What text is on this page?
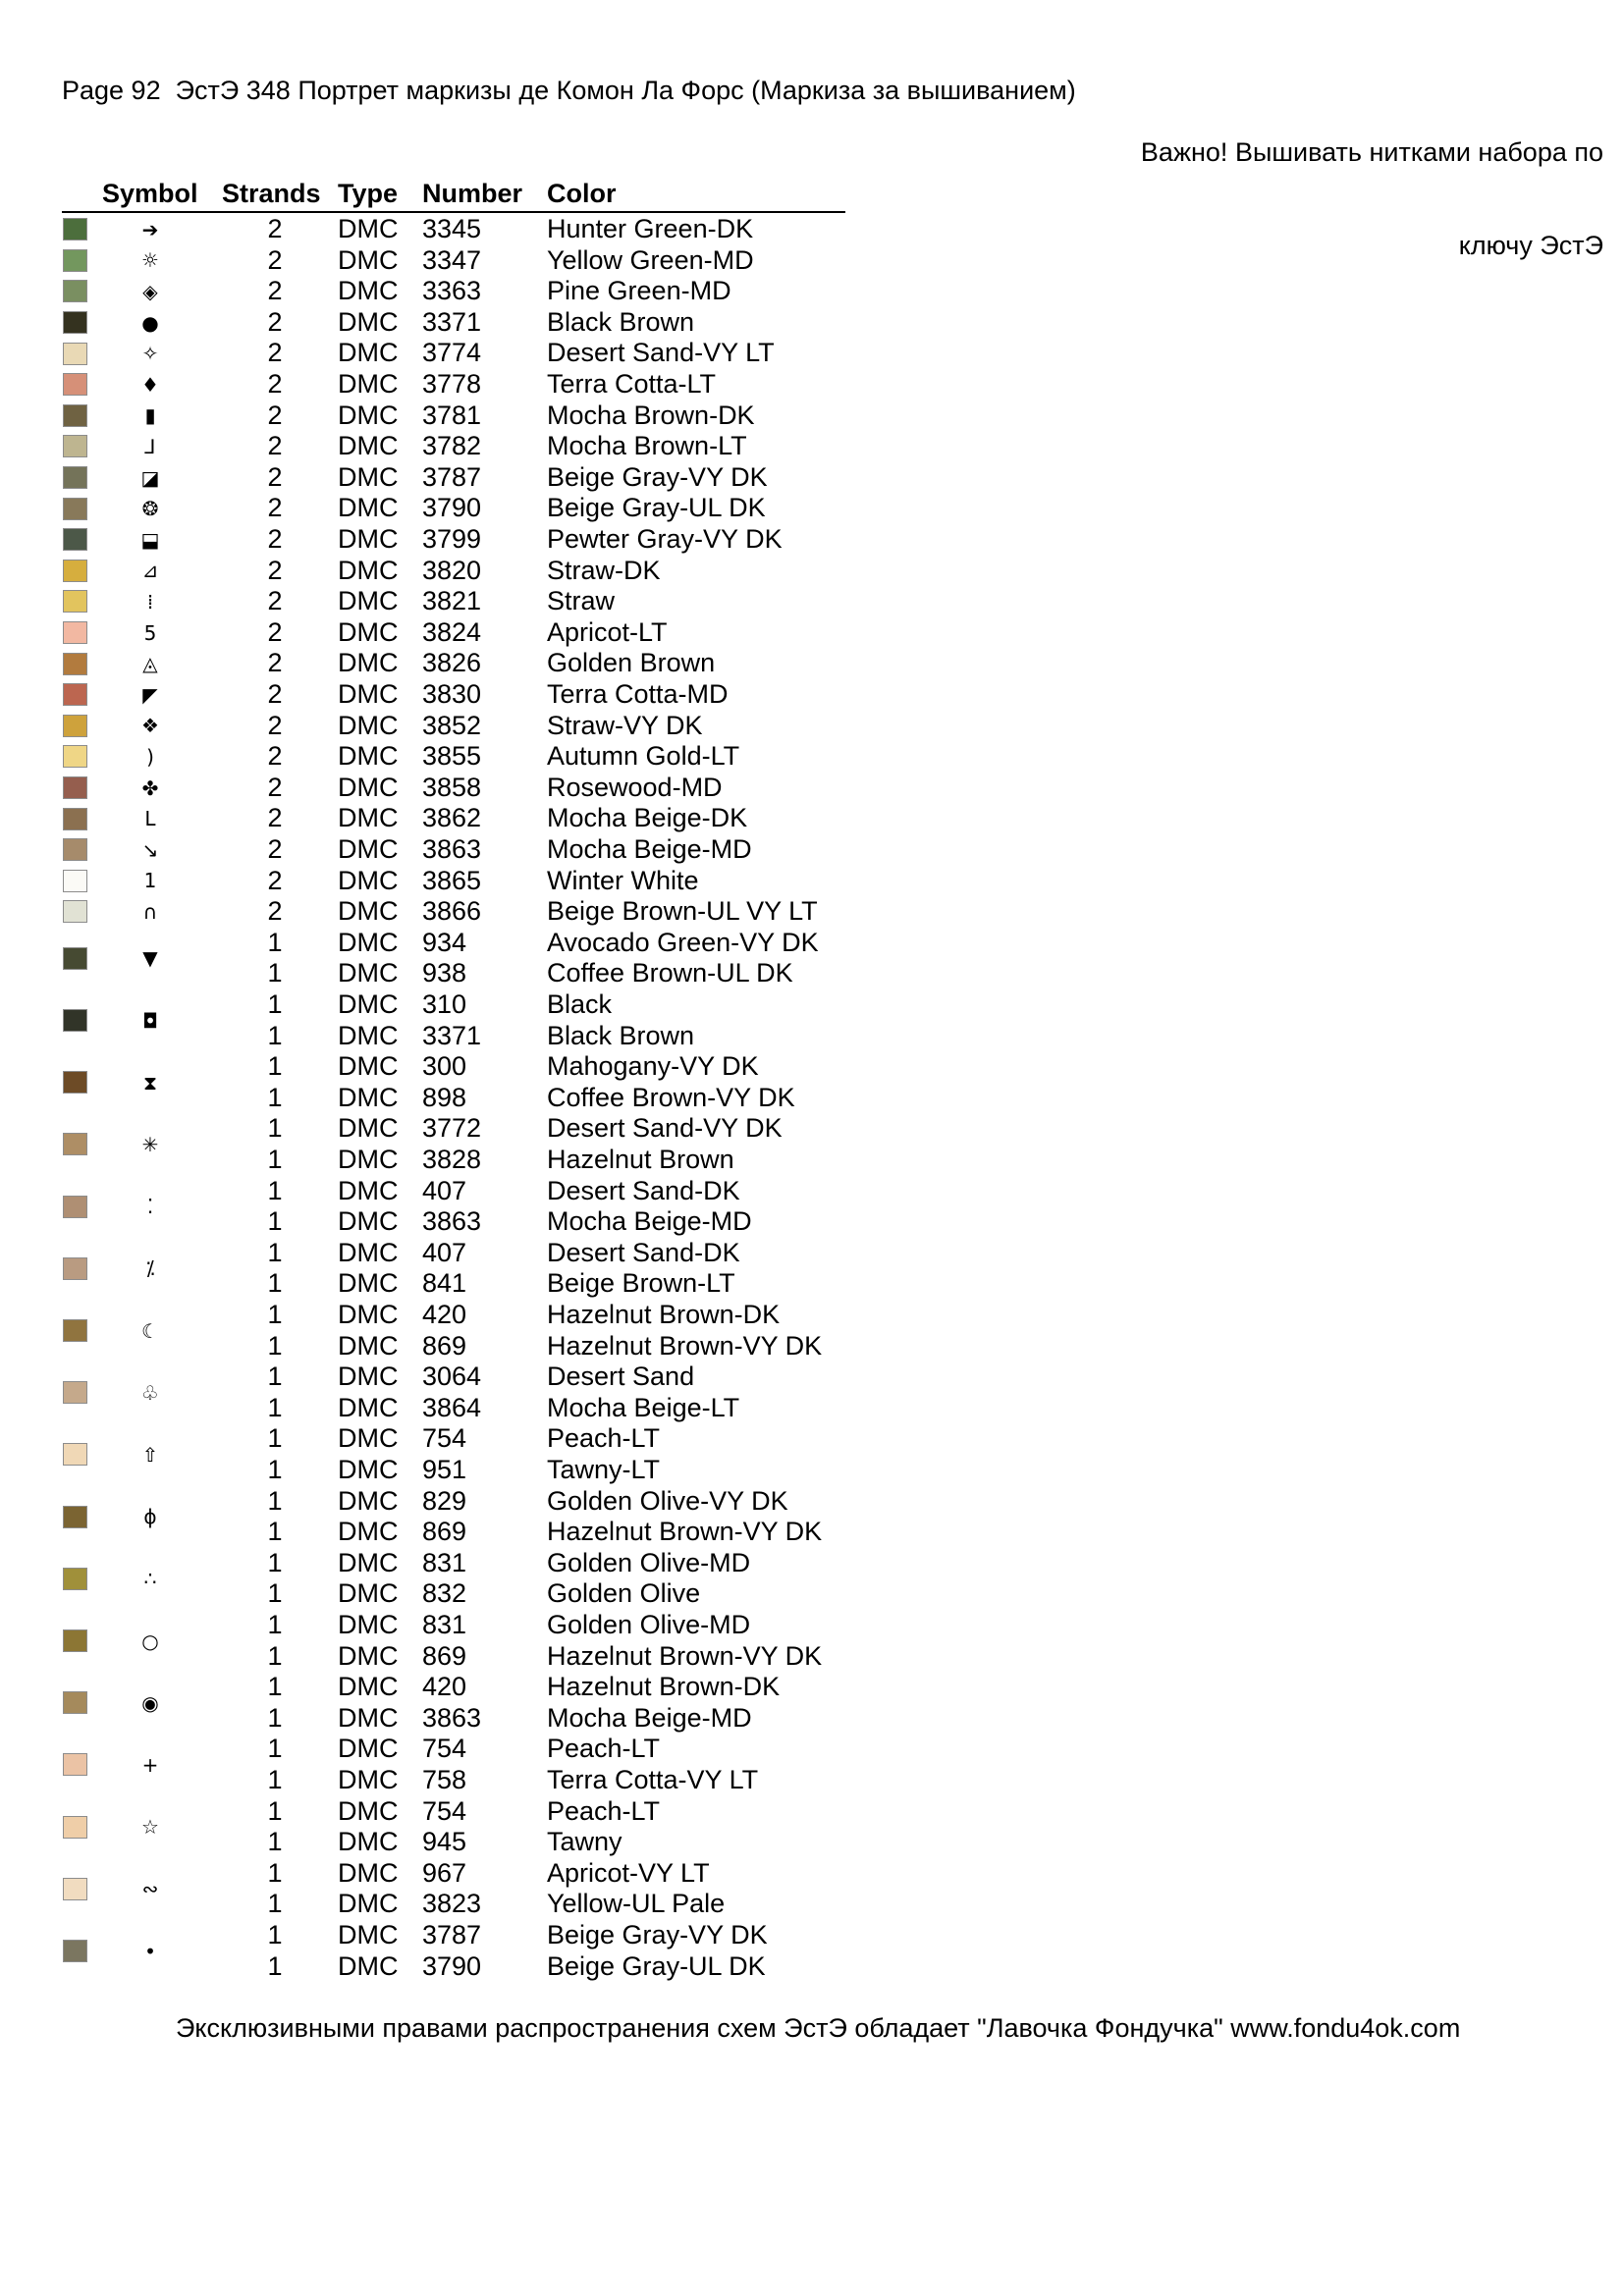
Page 92  ЭстЭ 348 Портрет маркизы де Комон Ла Форс (Маркиза за вышиванием)

Важно! Вышивать нитками набора по

ключу ЭстЭ

Symbol Strands Type Number Color
➔	2	DMC 3345 Hunter Green-DK
☼	2	DMC 3347 Yellow Green-MD
◈	2	DMC 3363 Pine Green-MD
●	2	DMC 3371 Black Brown
✧	2	DMC 3774 Desert Sand-VY LT
♦	2	DMC 3778 Terra Cotta-LT
▮	2	DMC 3781 Mocha Brown-DK
⅃	2	DMC 3782 Mocha Brown-LT
◪	2	DMC 3787 Beige Gray-VY DK
❂	2	DMC 3790 Beige Gray-UL DK
⬓	2	DMC 3799 Pewter Gray-VY DK
⊿	2	DMC 3820 Straw-DK
⁞	2	DMC 3821 Straw
5	2	DMC 3824 Apricot-LT
◬	2	DMC 3826 Golden Brown
◤	2	DMC 3830 Terra Cotta-MD
❖	2	DMC 3852 Straw-VY DK
)	2	DMC 3855 Autumn Gold-LT
✤	2	DMC 3858 Rosewood-MD
L	2	DMC 3862 Mocha Beige-DK
↘	2	DMC 3863 Mocha Beige-MD
1	2	DMC 3865 Winter White
∩	2	DMC 3866 Beige Brown-UL VY LT
▼
1	DMC 934	Avocado Green-VY DK
1	DMC 938	Coffee Brown-UL DK
◘
1	DMC 310	Black
1	DMC 3371 Black Brown
⧗
1	DMC 300	Mahogany-VY DK
1	DMC 898	Coffee Brown-VY DK
✳
1	DMC 3772 Desert Sand-VY DK
1	DMC 3828 Hazelnut Brown
⁚
1	DMC 407	Desert Sand-DK
1	DMC 3863 Mocha Beige-MD
⁒
1	DMC 407	Desert Sand-DK
1	DMC 841	Beige Brown-LT
☾
1	DMC 420	Hazelnut Brown-DK
1	DMC 869	Hazelnut Brown-VY DK
♧
1	DMC 3064 Desert Sand
1	DMC 3864 Mocha Beige-LT
⇧
1	DMC 754	Peach-LT
1	DMC 951	Tawny-LT
ϕ
1	DMC 829	Golden Olive-VY DK
1	DMC 869	Hazelnut Brown-VY DK
∴
1	DMC 831	Golden Olive-MD
1	DMC 832	Golden Olive
○
1	DMC 831	Golden Olive-MD
1	DMC 869	Hazelnut Brown-VY DK
◉
1	DMC 420	Hazelnut Brown-DK
1	DMC 3863 Mocha Beige-MD
+
1	DMC 754	Peach-LT
1	DMC 758	Terra Cotta-VY LT
☆
1	DMC 754	Peach-LT
1	DMC 945	Tawny
∾
1	DMC 967	Apricot-VY LT
1	DMC 3823 Yellow-UL Pale
•
1	DMC 3787 Beige Gray-VY DK
1	DMC 3790 Beige Gray-UL DK
Эксклюзивными правами распространения схем ЭстЭ обладает "Лавочка Фондучка" www.fondu4ok.com
